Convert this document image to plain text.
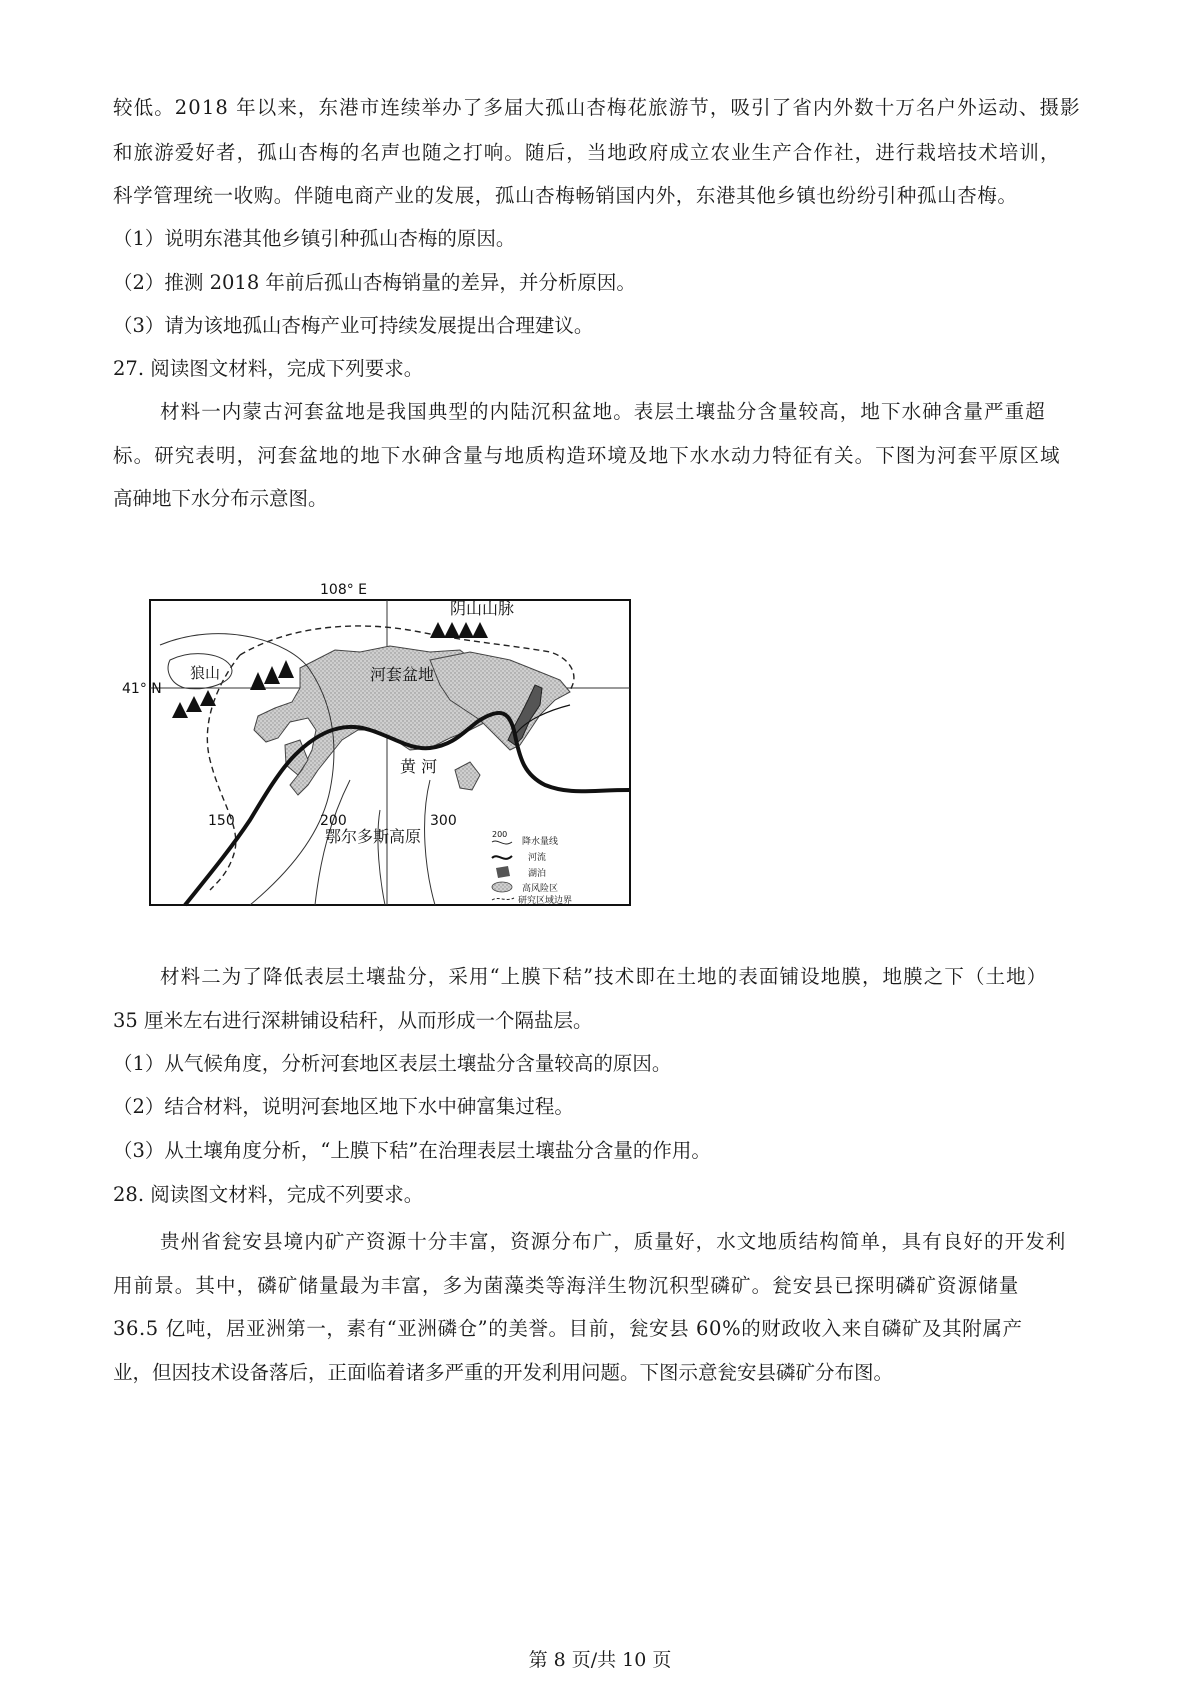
较低。2018 年以来，东港市连续举办了多届大孤山杏梅花旅游节，吸引了省内外数十万名户外运动、摄影
和旅游爱好者，孤山杏梅的名声也随之打响。随后，当地政府成立农业生产合作社，进行栽培技术培训，
科学管理统一收购。伴随电商产业的发展，孤山杏梅畅销国内外，东港其他乡镇也纷纷引种孤山杏梅。
（1）说明东港其他乡镇引种孤山杏梅的原因。
（2）推测 2018 年前后孤山杏梅销量的差异，并分析原因。
（3）请为该地孤山杏梅产业可持续发展提出合理建议。
27. 阅读图文材料，完成下列要求。
材料一内蒙古河套盆地是我国典型的内陆沉积盆地。表层土壤盐分含量较高，地下水砷含量严重超
标。研究表明，河套盆地的地下水砷含量与地质构造环境及地下水水动力特征有关。下图为河套平原区域
高砷地下水分布示意图。
108° E
41° N
阴山山脉
狼山	河套盆地
黄 河
鄂尔多斯高原
150	200	300
200
降水量线
河流
湖泊
高风险区
研究区域边界
材料二为了降低表层土壤盐分，采用“上膜下秸”技术即在土地的表面铺设地膜，地膜之下（土地）
35 厘米左右进行深耕铺设秸秆，从而形成一个隔盐层。
（1）从气候角度，分析河套地区表层土壤盐分含量较高的原因。
（2）结合材料，说明河套地区地下水中砷富集过程。
（3）从土壤角度分析，“上膜下秸”在治理表层土壤盐分含量的作用。
28. 阅读图文材料，完成不列要求。
贵州省瓮安县境内矿产资源十分丰富，资源分布广，质量好，水文地质结构简单，具有良好的开发利
用前景。其中，磷矿储量最为丰富，多为菌藻类等海洋生物沉积型磷矿。瓮安县已探明磷矿资源储量
36.5 亿吨，居亚洲第一，素有“亚洲磷仓”的美誉。目前，瓮安县 60%的财政收入来自磷矿及其附属产
业，但因技术设备落后，正面临着诸多严重的开发利用问题。下图示意瓮安县磷矿分布图。
第 8 页/共 10 页
